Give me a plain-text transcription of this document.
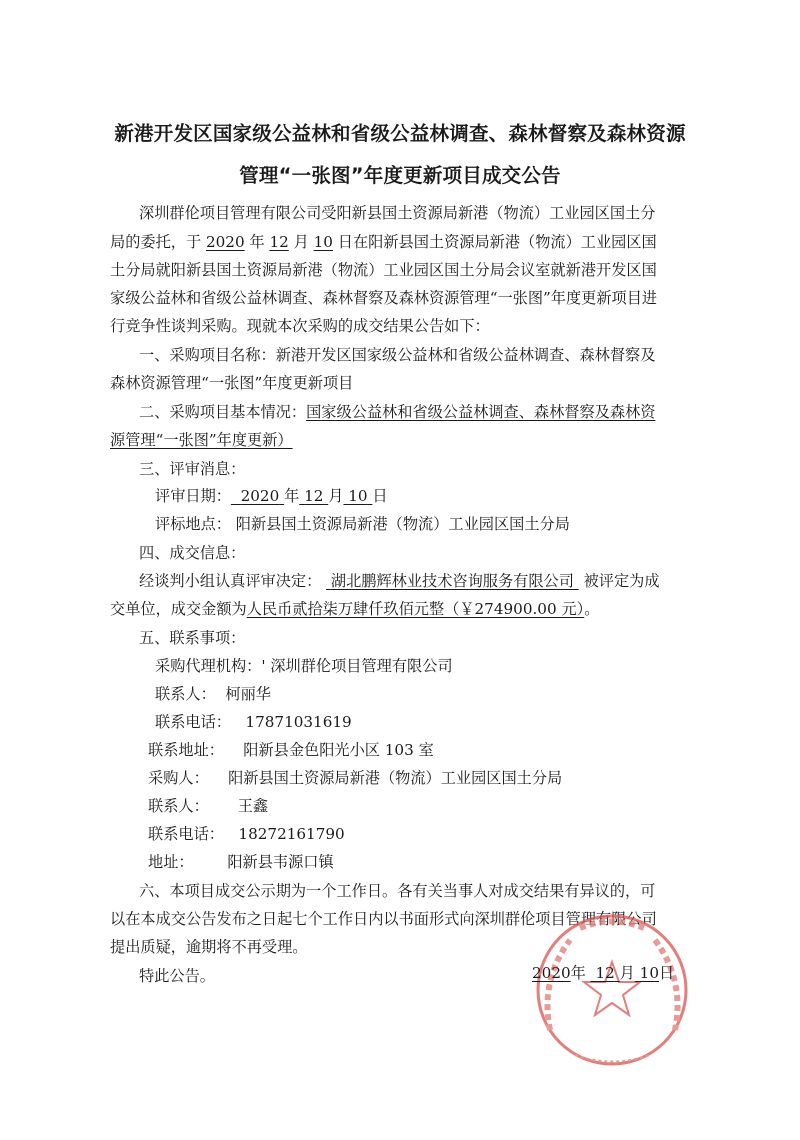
新港开发区国家级公益林和省级公益林调查、森林督察及森林资源
管理“一张图”年度更新项目成交公告
深圳群伦项目管理有限公司受阳新县国土资源局新港（物流）工业园区国土分
局的委托，于 2020 年 12 月 10 日在阳新县国土资源局新港（物流）工业园区国
土分局就阳新县国土资源局新港（物流）工业园区国土分局会议室就新港开发区国
家级公益林和省级公益林调查、森林督察及森林资源管理“一张图”年度更新项目进
行竞争性谈判采购。现就本次采购的成交结果公告如下：
一、采购项目名称：新港开发区国家级公益林和省级公益林调查、森林督察及
森林资源管理“一张图”年度更新项目
二、采购项目基本情况：国家级公益林和省级公益林调查、森林督察及森林资
源管理“一张图”年度更新）
三、评审消息：
评审日期： 2020 年 12 月 10 日
评标地点： 阳新县国土资源局新港（物流）工业园区国土分局
四、成交信息：
经谈判小组认真评审决定： 湖北鹏辉林业技术咨询服务有限公司 被评定为成
交单位，成交金额为人民币贰拾柒万肆仟玖佰元整（￥274900.00 元）。
五、联系事项：
采购代理机构：' 深圳群伦项目管理有限公司
联系人： 柯丽华
联系电话： 17871031619
联系地址： 阳新县金色阳光小区 103 室
采购人： 阳新县国土资源局新港（物流）工业园区国土分局
联系人： 王鑫
联系电话： 18272161790
地址： 阳新县韦源口镇
六、本项目成交公示期为一个工作日。各有关当事人对成交结果有异议的，可
以在本成交公告发布之日起七个工作日内以书面形式向深圳群伦项目管理有限公司
提出质疑，逾期将不再受理。
特此公告。	2020年 12 月 10日
